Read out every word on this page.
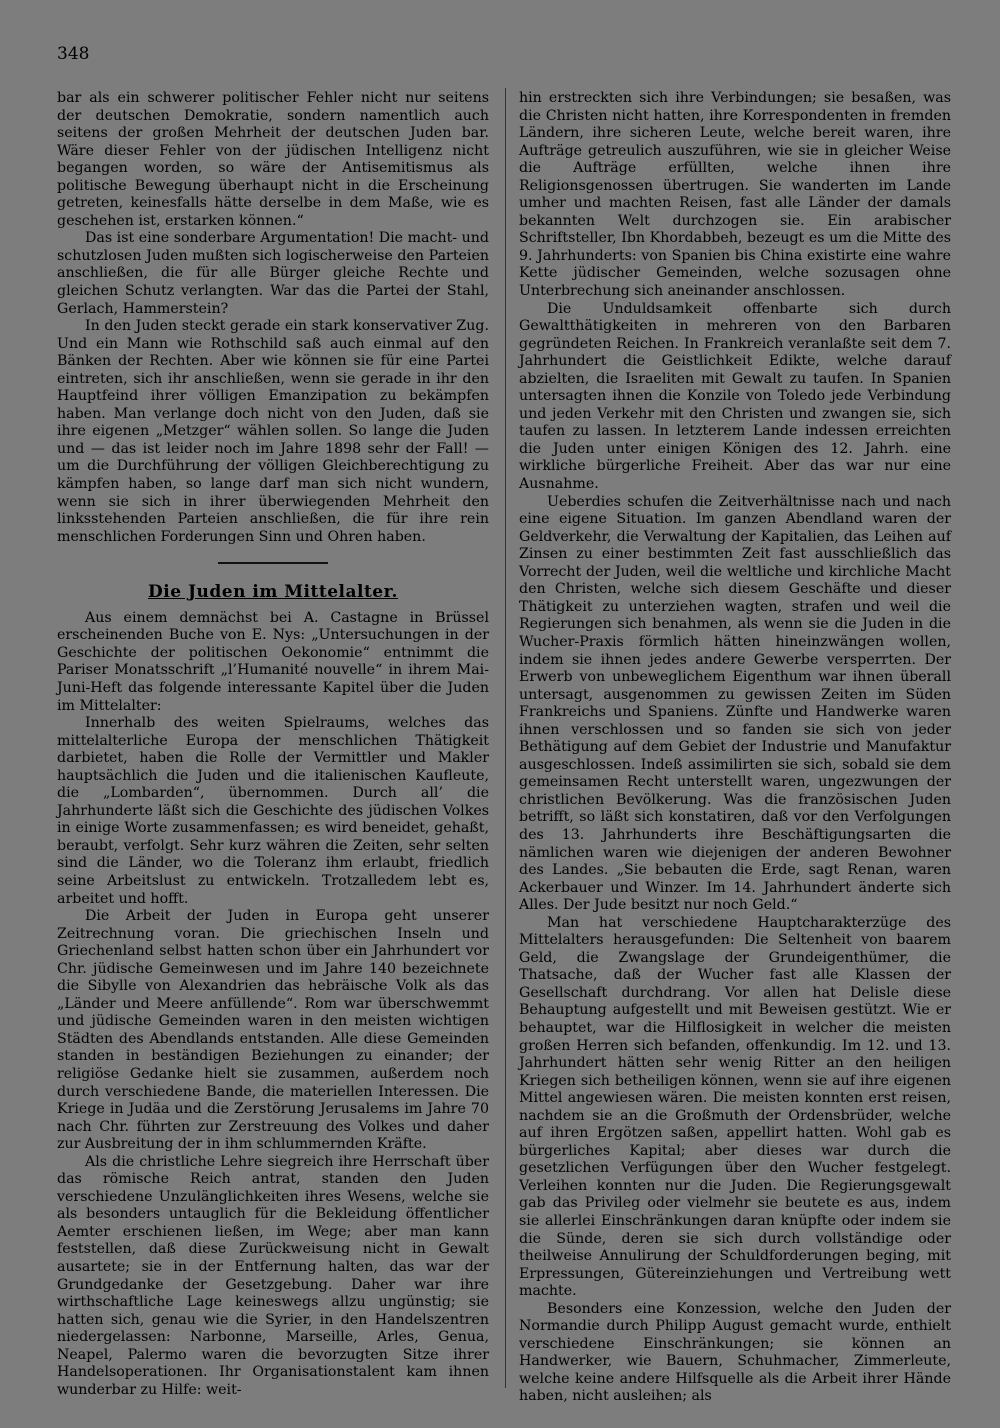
348

bar als ein schwerer politischer Fehler nicht nur seitens der deutschen Demokratie, sondern namentlich auch seitens der großen Mehrheit der deutschen Juden bar. Wäre dieser Fehler von der jüdischen Intelligenz nicht begangen worden, so wäre der Antisemitismus als politische Bewegung überhaupt nicht in die Erscheinung getreten, keinesfalls hätte derselbe in dem Maße, wie es geschehen ist, erstarken können.“

Das ist eine sonderbare Argumentation! Die macht- und schutzlosen Juden mußten sich logischerweise den Parteien anschließen, die für alle Bürger gleiche Rechte und gleichen Schutz verlangten. War das die Partei der Stahl, Gerlach, Hammerstein?

In den Juden steckt gerade ein stark konservativer Zug. Und ein Mann wie Rothschild saß auch einmal auf den Bänken der Rechten. Aber wie können sie für eine Partei eintreten, sich ihr anschließen, wenn sie gerade in ihr den Hauptfeind ihrer völligen Emanzipation zu bekämpfen haben. Man verlange doch nicht von den Juden, daß sie ihre eigenen „Metzger“ wählen sollen. So lange die Juden und — das ist leider noch im Jahre 1898 sehr der Fall! — um die Durchführung der völligen Gleichberechtigung zu kämpfen haben, so lange darf man sich nicht wundern, wenn sie sich in ihrer überwiegenden Mehrheit den linksstehenden Parteien anschließen, die für ihre rein menschlichen Forderungen Sinn und Ohren haben.

Die Juden im Mittelalter.

Aus einem demnächst bei A. Castagne in Brüssel erscheinenden Buche von E. Nys: „Untersuchungen in der Geschichte der politischen Oekonomie“ entnimmt die Pariser Monatsschrift „l’Humanité nouvelle“ in ihrem Mai-Juni-Heft das folgende interessante Kapitel über die Juden im Mittelalter:

Innerhalb des weiten Spielraums, welches das mittelalterliche Europa der menschlichen Thätigkeit darbietet, haben die Rolle der Vermittler und Makler hauptsächlich die Juden und die italienischen Kaufleute, die „Lombarden“, übernommen. Durch all’ die Jahrhunderte läßt sich die Geschichte des jüdischen Volkes in einige Worte zusammenfassen; es wird beneidet, gehaßt, beraubt, verfolgt. Sehr kurz währen die Zeiten, sehr selten sind die Länder, wo die Toleranz ihm erlaubt, friedlich seine Arbeitslust zu entwickeln. Trotzalledem lebt es, arbeitet und hofft.

Die Arbeit der Juden in Europa geht unserer Zeitrechnung voran. Die griechischen Inseln und Griechenland selbst hatten schon über ein Jahrhundert vor Chr. jüdische Gemeinwesen und im Jahre 140 bezeichnete die Sibylle von Alexandrien das hebräische Volk als das „Länder und Meere anfüllende“. Rom war überschwemmt und jüdische Gemeinden waren in den meisten wichtigen Städten des Abendlands entstanden. Alle diese Gemeinden standen in beständigen Beziehungen zu einander; der religiöse Gedanke hielt sie zusammen, außerdem noch durch verschiedene Bande, die materiellen Interessen. Die Kriege in Judäa und die Zerstörung Jerusalems im Jahre 70 nach Chr. führten zur Zerstreuung des Volkes und daher zur Ausbreitung der in ihm schlummernden Kräfte.

Als die christliche Lehre siegreich ihre Herrschaft über das römische Reich antrat, standen den Juden verschiedene Unzulänglichkeiten ihres Wesens, welche sie als besonders untauglich für die Bekleidung öffentlicher Aemter erschienen ließen, im Wege; aber man kann feststellen, daß diese Zurückweisung nicht in Gewalt ausartete; sie in der Entfernung halten, das war der Grundgedanke der Gesetzgebung. Daher war ihre wirthschaftliche Lage keineswegs allzu ungünstig; sie hatten sich, genau wie die Syrier, in den Handelszentren niedergelassen: Narbonne, Marseille, Arles, Genua, Neapel, Palermo waren die bevorzugten Sitze ihrer Handelsoperationen. Ihr Organisationstalent kam ihnen wunderbar zu Hilfe: weit-

hin erstreckten sich ihre Verbindungen; sie besaßen, was die Christen nicht hatten, ihre Korrespondenten in fremden Ländern, ihre sicheren Leute, welche bereit waren, ihre Aufträge getreulich auszuführen, wie sie in gleicher Weise die Aufträge erfüllten, welche ihnen ihre Religionsgenossen übertrugen. Sie wanderten im Lande umher und machten Reisen, fast alle Länder der damals bekannten Welt durchzogen sie. Ein arabischer Schriftsteller, Ibn Khordabbeh, bezeugt es um die Mitte des 9. Jahrhunderts: von Spanien bis China existirte eine wahre Kette jüdischer Gemeinden, welche sozusagen ohne Unterbrechung sich aneinander anschlossen.

Die Unduldsamkeit offenbarte sich durch Gewaltthätigkeiten in mehreren von den Barbaren gegründeten Reichen. In Frankreich veranlaßte seit dem 7. Jahrhundert die Geistlichkeit Edikte, welche darauf abzielten, die Israeliten mit Gewalt zu taufen. In Spanien untersagten ihnen die Konzile von Toledo jede Verbindung und jeden Verkehr mit den Christen und zwangen sie, sich taufen zu lassen. In letzterem Lande indessen erreichten die Juden unter einigen Königen des 12. Jahrh. eine wirkliche bürgerliche Freiheit. Aber das war nur eine Ausnahme.

Ueberdies schufen die Zeitverhältnisse nach und nach eine eigene Situation. Im ganzen Abendland waren der Geldverkehr, die Verwaltung der Kapitalien, das Leihen auf Zinsen zu einer bestimmten Zeit fast ausschließlich das Vorrecht der Juden, weil die weltliche und kirchliche Macht den Christen, welche sich diesem Geschäfte und dieser Thätigkeit zu unterziehen wagten, strafen und weil die Regierungen sich benahmen, als wenn sie die Juden in die Wucher-Praxis förmlich hätten hineinzwängen wollen, indem sie ihnen jedes andere Gewerbe versperrten. Der Erwerb von unbeweglichem Eigenthum war ihnen überall untersagt, ausgenommen zu gewissen Zeiten im Süden Frankreichs und Spaniens. Zünfte und Handwerke waren ihnen verschlossen und so fanden sie sich von jeder Bethätigung auf dem Gebiet der Industrie und Manufaktur ausgeschlossen. Indeß assimilirten sie sich, sobald sie dem gemeinsamen Recht unterstellt waren, ungezwungen der christlichen Bevölkerung. Was die französischen Juden betrifft, so läßt sich konstatiren, daß vor den Verfolgungen des 13. Jahrhunderts ihre Beschäftigungsarten die nämlichen waren wie diejenigen der anderen Bewohner des Landes. „Sie bebauten die Erde, sagt Renan, waren Ackerbauer und Winzer. Im 14. Jahrhundert änderte sich Alles. Der Jude besitzt nur noch Geld.“

Man hat verschiedene Hauptcharakterzüge des Mittelalters herausgefunden: Die Seltenheit von baarem Geld, die Zwangslage der Grundeigenthümer, die Thatsache, daß der Wucher fast alle Klassen der Gesellschaft durchdrang. Vor allen hat Delisle diese Behauptung aufgestellt und mit Beweisen gestützt. Wie er behauptet, war die Hilflosigkeit in welcher die meisten großen Herren sich befanden, offenkundig. Im 12. und 13. Jahrhundert hätten sehr wenig Ritter an den heiligen Kriegen sich betheiligen können, wenn sie auf ihre eigenen Mittel angewiesen wären. Die meisten konnten erst reisen, nachdem sie an die Großmuth der Ordensbrüder, welche auf ihren Ergötzen saßen, appellirt hatten. Wohl gab es bürgerliches Kapital; aber dieses war durch die gesetzlichen Verfügungen über den Wucher festgelegt. Verleihen konnten nur die Juden. Die Regierungsgewalt gab das Privileg oder vielmehr sie beutete es aus, indem sie allerlei Einschränkungen daran knüpfte oder indem sie die Sünde, deren sie sich durch vollständige oder theilweise Annulirung der Schuldforderungen beging, mit Erpressungen, Gütereinziehungen und Vertreibung wett machte.

Besonders eine Konzession, welche den Juden der Normandie durch Philipp August gemacht wurde, enthielt verschiedene Einschränkungen; sie können an Handwerker, wie Bauern, Schuhmacher, Zimmerleute, welche keine andere Hilfsquelle als die Arbeit ihrer Hände haben, nicht ausleihen; als
